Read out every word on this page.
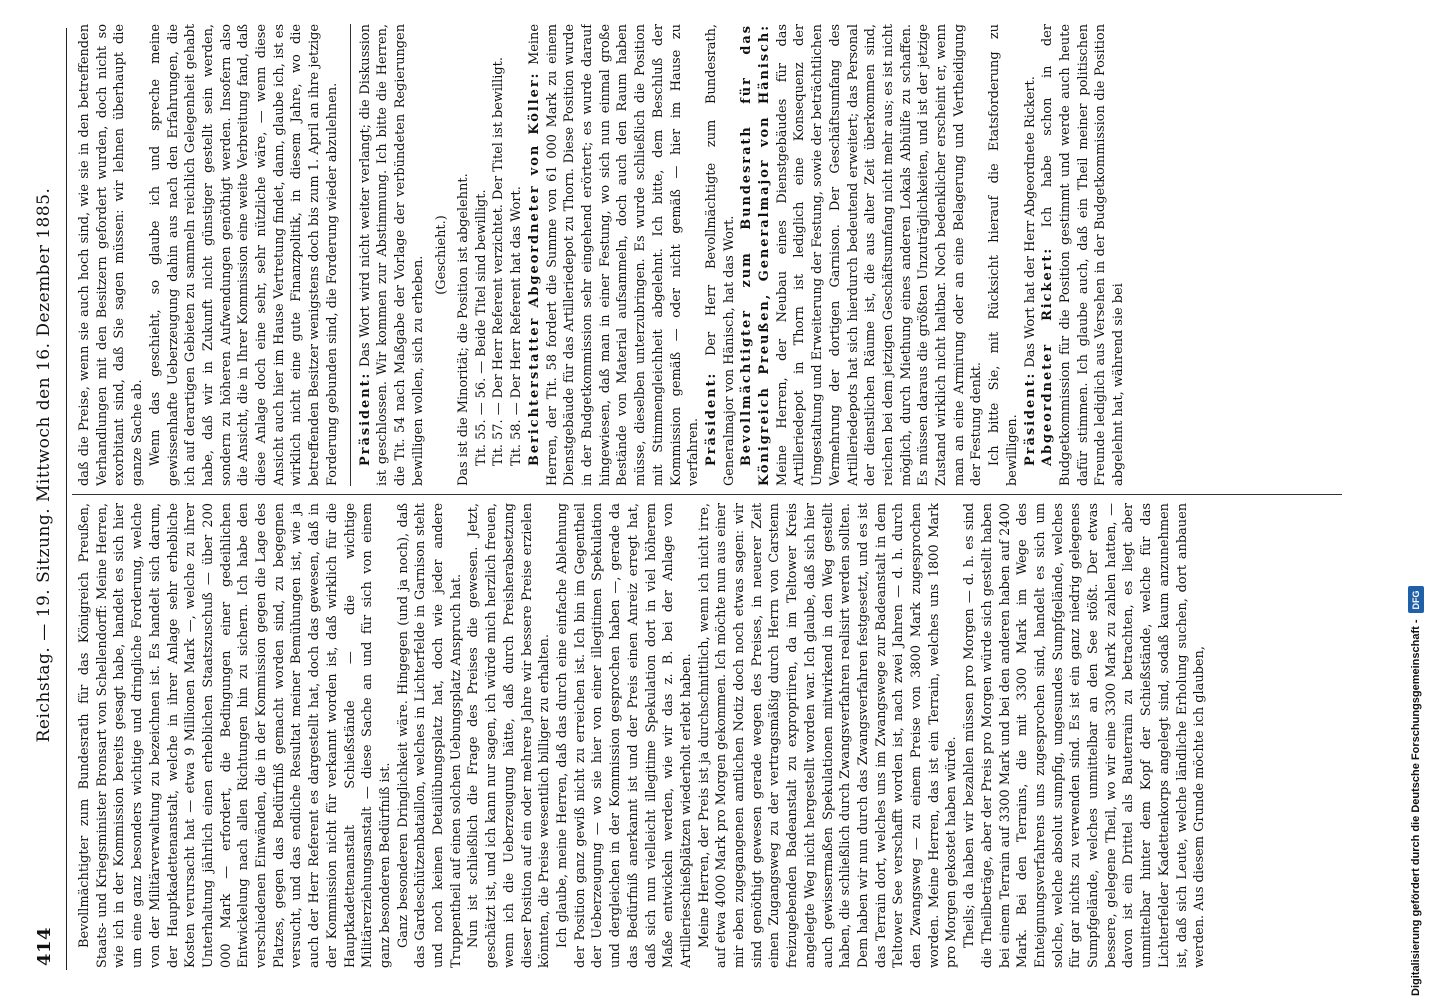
414
Reichstag. — 19. Sitzung. Mittwoch den 16. Dezember 1885. Bevollmächtigter zum Bundesrath für das Königreich Preußen, Staats- und Kriegsminister Bronsart von Schellendorff: Meine Herren, wie ich in der Kommission bereits gesagt habe, handelt es sich hier um eine ganz besonders wichtige und dringliche Forderung, welche von der Militärverwaltung zu bezeichnen ist. Es handelt sich darum, der Hauptkadettenanstalt, welche in ihrer Anlage sehr erhebliche Kosten verursacht hat — etwa 9 Millionen Mark —, welche zu ihrer Unterhaltung jährlich einen erheblichen Staatszuschuß — über 200 000 Mark — erfordert, die Bedingungen einer gedeihlichen Entwickelung nach allen Richtungen hin zu sichern. Ich habe den verschiedenen Einwänden, die in der Kommission gegen die Lage des Platzes, gegen das Bedürfniß gemacht worden sind, zu begegnen versucht, und das endliche Resultat meiner Bemühungen ist, wie ja auch der Herr Referent es dargestellt hat, doch das gewesen, daß in der Kommission nicht für verkannt worden ist, daß wirklich für die Hauptkadettenanstalt Schießstände — die wichtige Militärerziehungsanstalt — diese Sache an und für sich von einem ganz besonderen Bedürfniß ist. Ganz besonderen Dringlichkeit wäre. Hingegen (und ja noch), daß das Gardeschützenbataillon, welches in Lichterfelde in Garnison steht und noch keinen Detailübungsplatz hat, doch wie jeder andere Truppentheil auf einen solchen Uebungsplatz Anspruch hat. Nun ist schließlich die Frage des Preises die gewesen. Jetzt, geschätzt ist, und ich kann nur sagen, ich würde mich herzlich freuen, wenn ich die Ueberzeugung hätte, daß durch Preisherabsetzung dieser Position auf ein oder mehrere Jahre wir bessere Preise erzielen könnten, die Preise wesentlich billiger zu erhalten. Ich glaube, meine Herren, daß das durch eine einfache Ablehnung der Position ganz gewiß nicht zu erreichen ist. Ich bin im Gegentheil der Ueberzeugung — wo sie hier von einer illegitimen Spekulation und dergleichen in der Kommission gesprochen haben —, gerade da das Bedürfniß anerkannt ist und der Preis einen Anreiz erregt hat, daß sich nun vielleicht illegitime Spekulation dort in viel höherem Maße entwickeln werden, wie wir das z. B. bei der Anlage von Artillerieschießplätzen wiederholt erlebt haben. Meine Herren, der Preis ist ja durchschnittlich, wenn ich nicht irre, auf etwa 4000 Mark pro Morgen gekommen. Ich möchte nun aus einer mir eben zugegangenen amtlichen Notiz doch noch etwas sagen: wir sind genöthigt gewesen gerade wegen des Preises, in neuerer Zeit einen Zugangsweg zu der vertragsmäßig durch Herrn von Carstenn freizugebenden Badeanstalt zu expropriiren, da im Teltower Kreis angelegte Weg nicht hergestellt worden war. Ich glaube, daß sich hier auch gewissermaßen Spekulationen mitwirkend in den Weg gestellt haben, die schließlich durch Zwangsverfahren realisirt werden sollten. Dem haben wir nun durch das Zwangsverfahren festgesetzt, und es ist das Terrain dort, welches uns im Zwangswege zur Badeanstalt in dem Teltower See verschafft worden ist, nach zwei Jahren — d. h. durch den Zwangsweg — zu einem Preise von 3800 Mark zugesprochen worden. Meine Herren, das ist ein Terrain, welches uns 1800 Mark pro Morgen gekostet haben würde. Theils; da haben wir bezahlen müssen pro Morgen — d. h. es sind die Theilbeträge, aber der Preis pro Morgen würde sich gestellt haben bei einem Terrain auf 3300 Mark und bei den anderen haben auf 2400 Mark. Bei den Terrains, die mit 3300 Mark im Wege des Enteignungsverfahrens uns zugesprochen sind, handelt es sich um solche, welche absolut sumpfig, ungesundes Sumpfgelände, welches für gar nichts zu verwenden sind. Es ist ein ganz niedrig gelegenes Sumpfgelände, welches unmittelbar an den See stößt. Der etwas bessere, gelegene Theil, wo wir eine 3300 Mark zu zahlen hatten, — davon ist ein Drittel als Bauterrain zu betrachten, es liegt aber unmittelbar hinter dem Kopf der Schießstände, welche für das Lichterfelder Kadettenkorps angelegt sind, sodaß kaum anzunehmen ist, daß sich Leute, welche ländliche Erholung suchen, dort anbauen werden. Aus diesem Grunde möchte ich glauben,

daß die Preise, wenn sie auch hoch sind, wie sie in den betreffenden Verhandlungen mit den Besitzern gefordert wurden, doch nicht so exorbitant sind, daß Sie sagen müssen: wir lehnen überhaupt die ganze Sache ab. Wenn das geschieht, so glaube ich und spreche meine gewissenhafte Ueberzeugung dahin aus nach den Erfahrungen, die ich auf derartigen Gebieten zu sammeln reichlich Gelegenheit gehabt habe, daß wir in Zukunft nicht günstiger gestellt sein werden, sondern zu höheren Aufwendungen genöthigt werden. Insofern also die Ansicht, die in Ihrer Kommission eine weite Verbreitung fand, daß diese Anlage doch eine sehr, sehr nützliche wäre, — wenn diese Ansicht auch hier im Hause Vertretung findet, dann, glaube ich, ist es wirklich nicht eine gute Finanzpolitik, in diesem Jahre, wo die betreffenden Besitzer wenigstens doch bis zum 1. April an ihre jetzige Forderung gebunden sind, die Forderung wieder abzulehnen. Präsident: Das Wort wird nicht weiter verlangt; die Diskussion ist geschlossen. Wir kommen zur Abstimmung. Ich bitte die Herren, die Tit. 54 nach Maßgabe der Vorlage der verbündeten Regierungen bewilligen wollen, sich zu erheben.

(Geschieht.) Das ist die Minorität; die Position ist abgelehnt. Tit. 55. — 56. — Beide Titel sind bewilligt. Tit. 57. — Der Herr Referent verzichtet. Der Titel ist bewilligt. Tit. 58. — Der Herr Referent hat das Wort. Berichterstatter Abgeordneter von Köller: Meine Herren, der Tit. 58 fordert die Summe von 61 000 Mark zu einem Dienstgebäude für das Artilleriedepot zu Thorn. Diese Position wurde in der Budgetkommission sehr eingehend erörtert; es wurde darauf hingewiesen, daß man in einer Festung, wo sich nun einmal große Bestände von Material aufsammeln, doch auch den Raum haben müsse, dieselben unterzubringen. Es wurde schließlich die Position mit Stimmengleichheit abgelehnt. Ich bitte, dem Beschluß der Kommission gemäß — oder nicht gemäß — hier im Hause zu verfahren. Präsident: Der Herr Bevollmächtigte zum Bundesrath, Generalmajor von Hänisch, hat das Wort. Bevollmächtigter zum Bundesrath für das Königreich Preußen, Generalmajor von Hänisch: Meine Herren, der Neubau eines Dienstgebäudes für das Artilleriedepot in Thorn ist lediglich eine Konsequenz der Umgestaltung und Erweiterung der Festung, sowie der beträchtlichen Vermehrung der dortigen Garnison. Der Geschäftsumfang des Artilleriedepots hat sich hierdurch bedeutend erweitert; das Personal der dienstlichen Räume ist, die aus alter Zeit überkommen sind, reichen bei dem jetzigen Geschäftsumfang nicht mehr aus; es ist nicht möglich, durch Miethung eines anderen Lokals Abhülfe zu schaffen. Es müssen daraus die größten Unzuträglichkeiten, und ist der jetzige Zustand wirklich nicht haltbar. Noch bedenklicher erscheint er, wenn man an eine Armirung oder an eine Belagerung und Vertheidigung der Festung denkt. Ich bitte Sie, mit Rücksicht hierauf die Etatsforderung zu bewilligen. Präsident: Das Wort hat der Herr Abgeordnete Rickert. Abgeordneter Rickert: Ich habe schon in der Budgetkommission für die Position gestimmt und werde auch heute dafür stimmen. Ich glaube auch, daß ein Theil meiner politischen Freunde lediglich aus Versehen in der Budgetkommission die Position abgelehnt hat, während sie bei

Digitalisierung gefördert durch die Deutsche Forschungsgemeinschaft -DFG
